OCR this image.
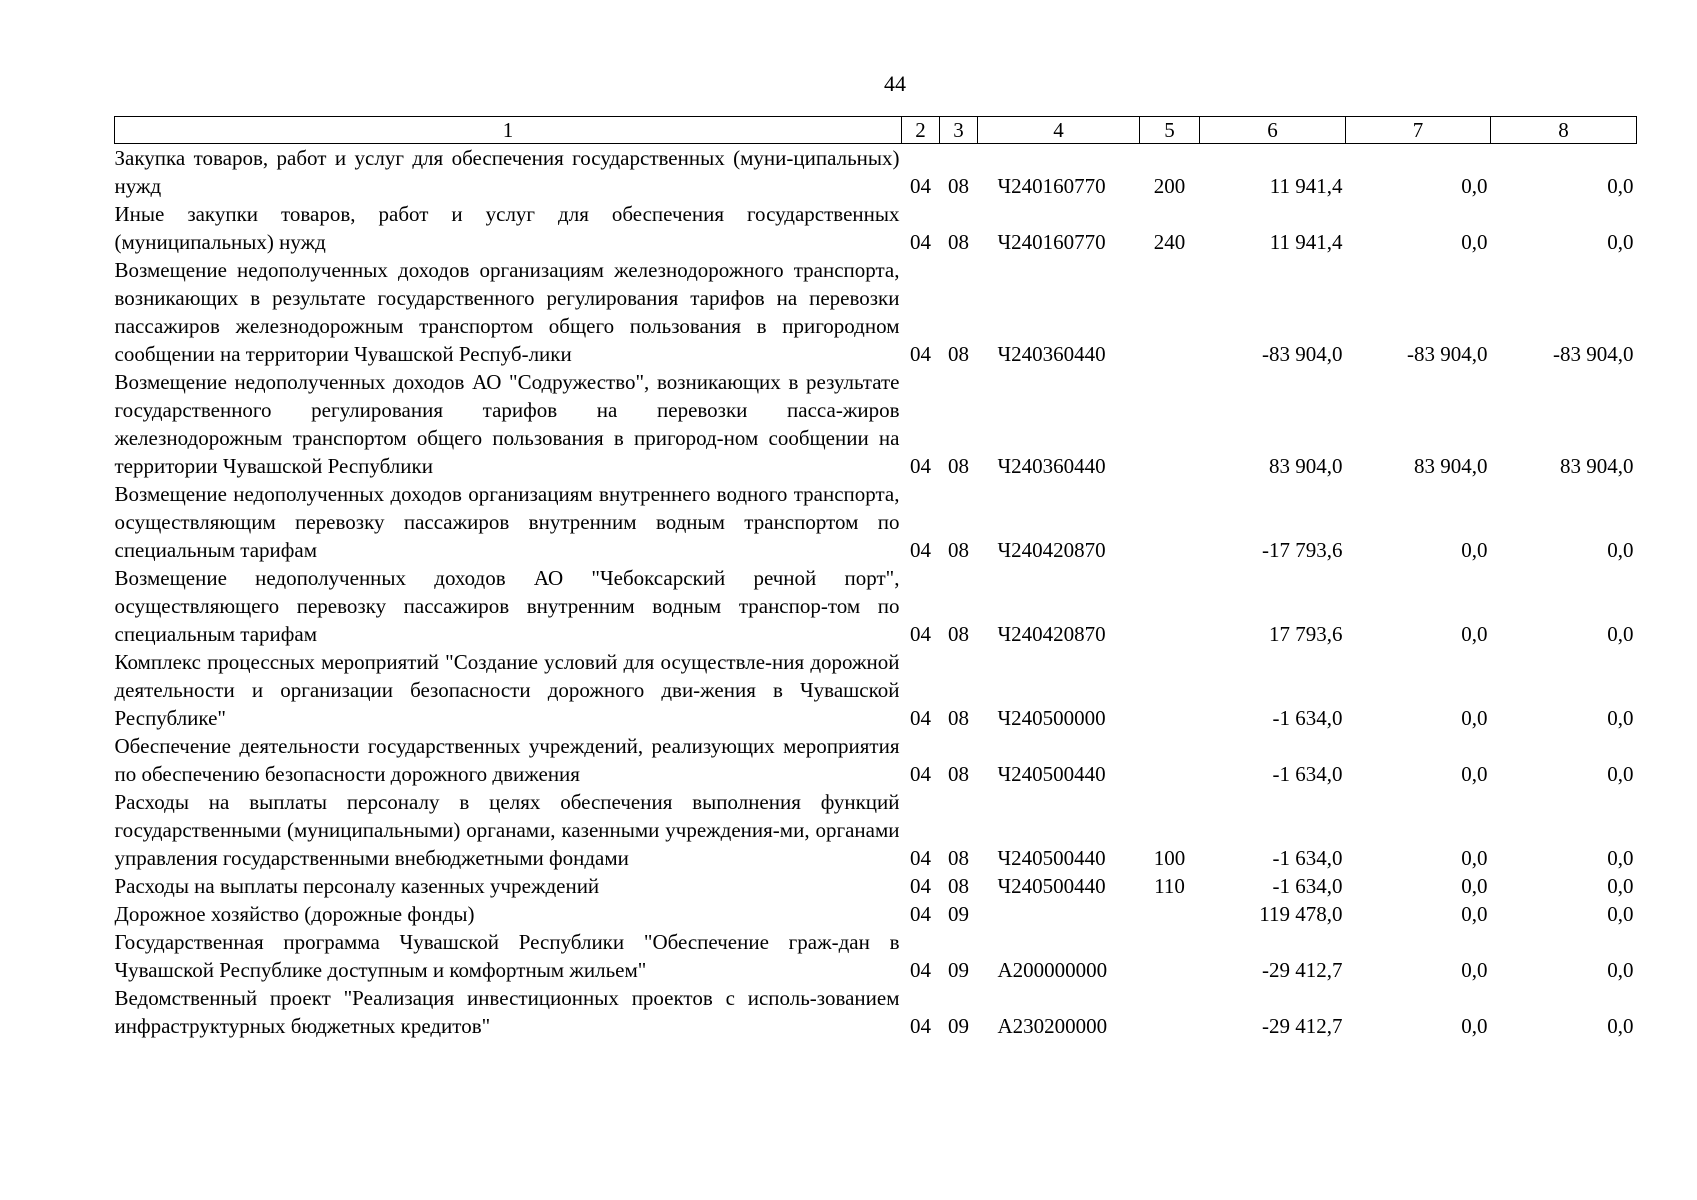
44
1	2	3	4	5	6	7	8
Закупка товаров, работ и услуг для обеспечения государственных (муни-ципальных) нужд	04	08	Ч240160770	200	11 941,4	0,0	0,0
Иные закупки товаров, работ и услуг для обеспечения государственных (муниципальных) нужд	04	08	Ч240160770	240	11 941,4	0,0	0,0
Возмещение недополученных доходов организациям железнодорожного транспорта, возникающих в результате государственного регулирования тарифов на перевозки пассажиров железнодорожным транспортом общего пользования в пригородном сообщении на территории Чувашской Респуб-лики	04	08	Ч240360440		-83 904,0	-83 904,0	-83 904,0
Возмещение недополученных доходов АО "Содружество", возникающих в результате государственного регулирования тарифов на перевозки пасса-жиров железнодорожным транспортом общего пользования в пригород-ном сообщении на территории Чувашской Республики	04	08	Ч240360440		83 904,0	83 904,0	83 904,0
Возмещение недополученных доходов организациям внутреннего водного транспорта, осуществляющим перевозку пассажиров внутренним водным транспортом по специальным тарифам	04	08	Ч240420870		-17 793,6	0,0	0,0
Возмещение недополученных доходов АО "Чебоксарский речной порт", осуществляющего перевозку пассажиров внутренним водным транспор-том по специальным тарифам	04	08	Ч240420870		17 793,6	0,0	0,0
Комплекс процессных мероприятий "Создание условий для осуществле-ния дорожной деятельности и организации безопасности дорожного дви-жения в Чувашской Республике"	04	08	Ч240500000		-1 634,0	0,0	0,0
Обеспечение деятельности государственных учреждений, реализующих мероприятия по обеспечению безопасности дорожного движения	04	08	Ч240500440		-1 634,0	0,0	0,0
Расходы на выплаты персоналу в целях обеспечения выполнения функций государственными (муниципальными) органами, казенными учреждения-ми, органами управления государственными внебюджетными фондами	04	08	Ч240500440	100	-1 634,0	0,0	0,0
Расходы на выплаты персоналу казенных учреждений	04	08	Ч240500440	110	-1 634,0	0,0	0,0
Дорожное хозяйство (дорожные фонды)	04	09			119 478,0	0,0	0,0
Государственная программа Чувашской Республики "Обеспечение граж-дан в Чувашской Республике доступным и комфортным жильем"	04	09	А200000000		-29 412,7	0,0	0,0
Ведомственный проект "Реализация инвестиционных проектов с исполь-зованием инфраструктурных бюджетных кредитов"	04	09	А230200000		-29 412,7	0,0	0,0
